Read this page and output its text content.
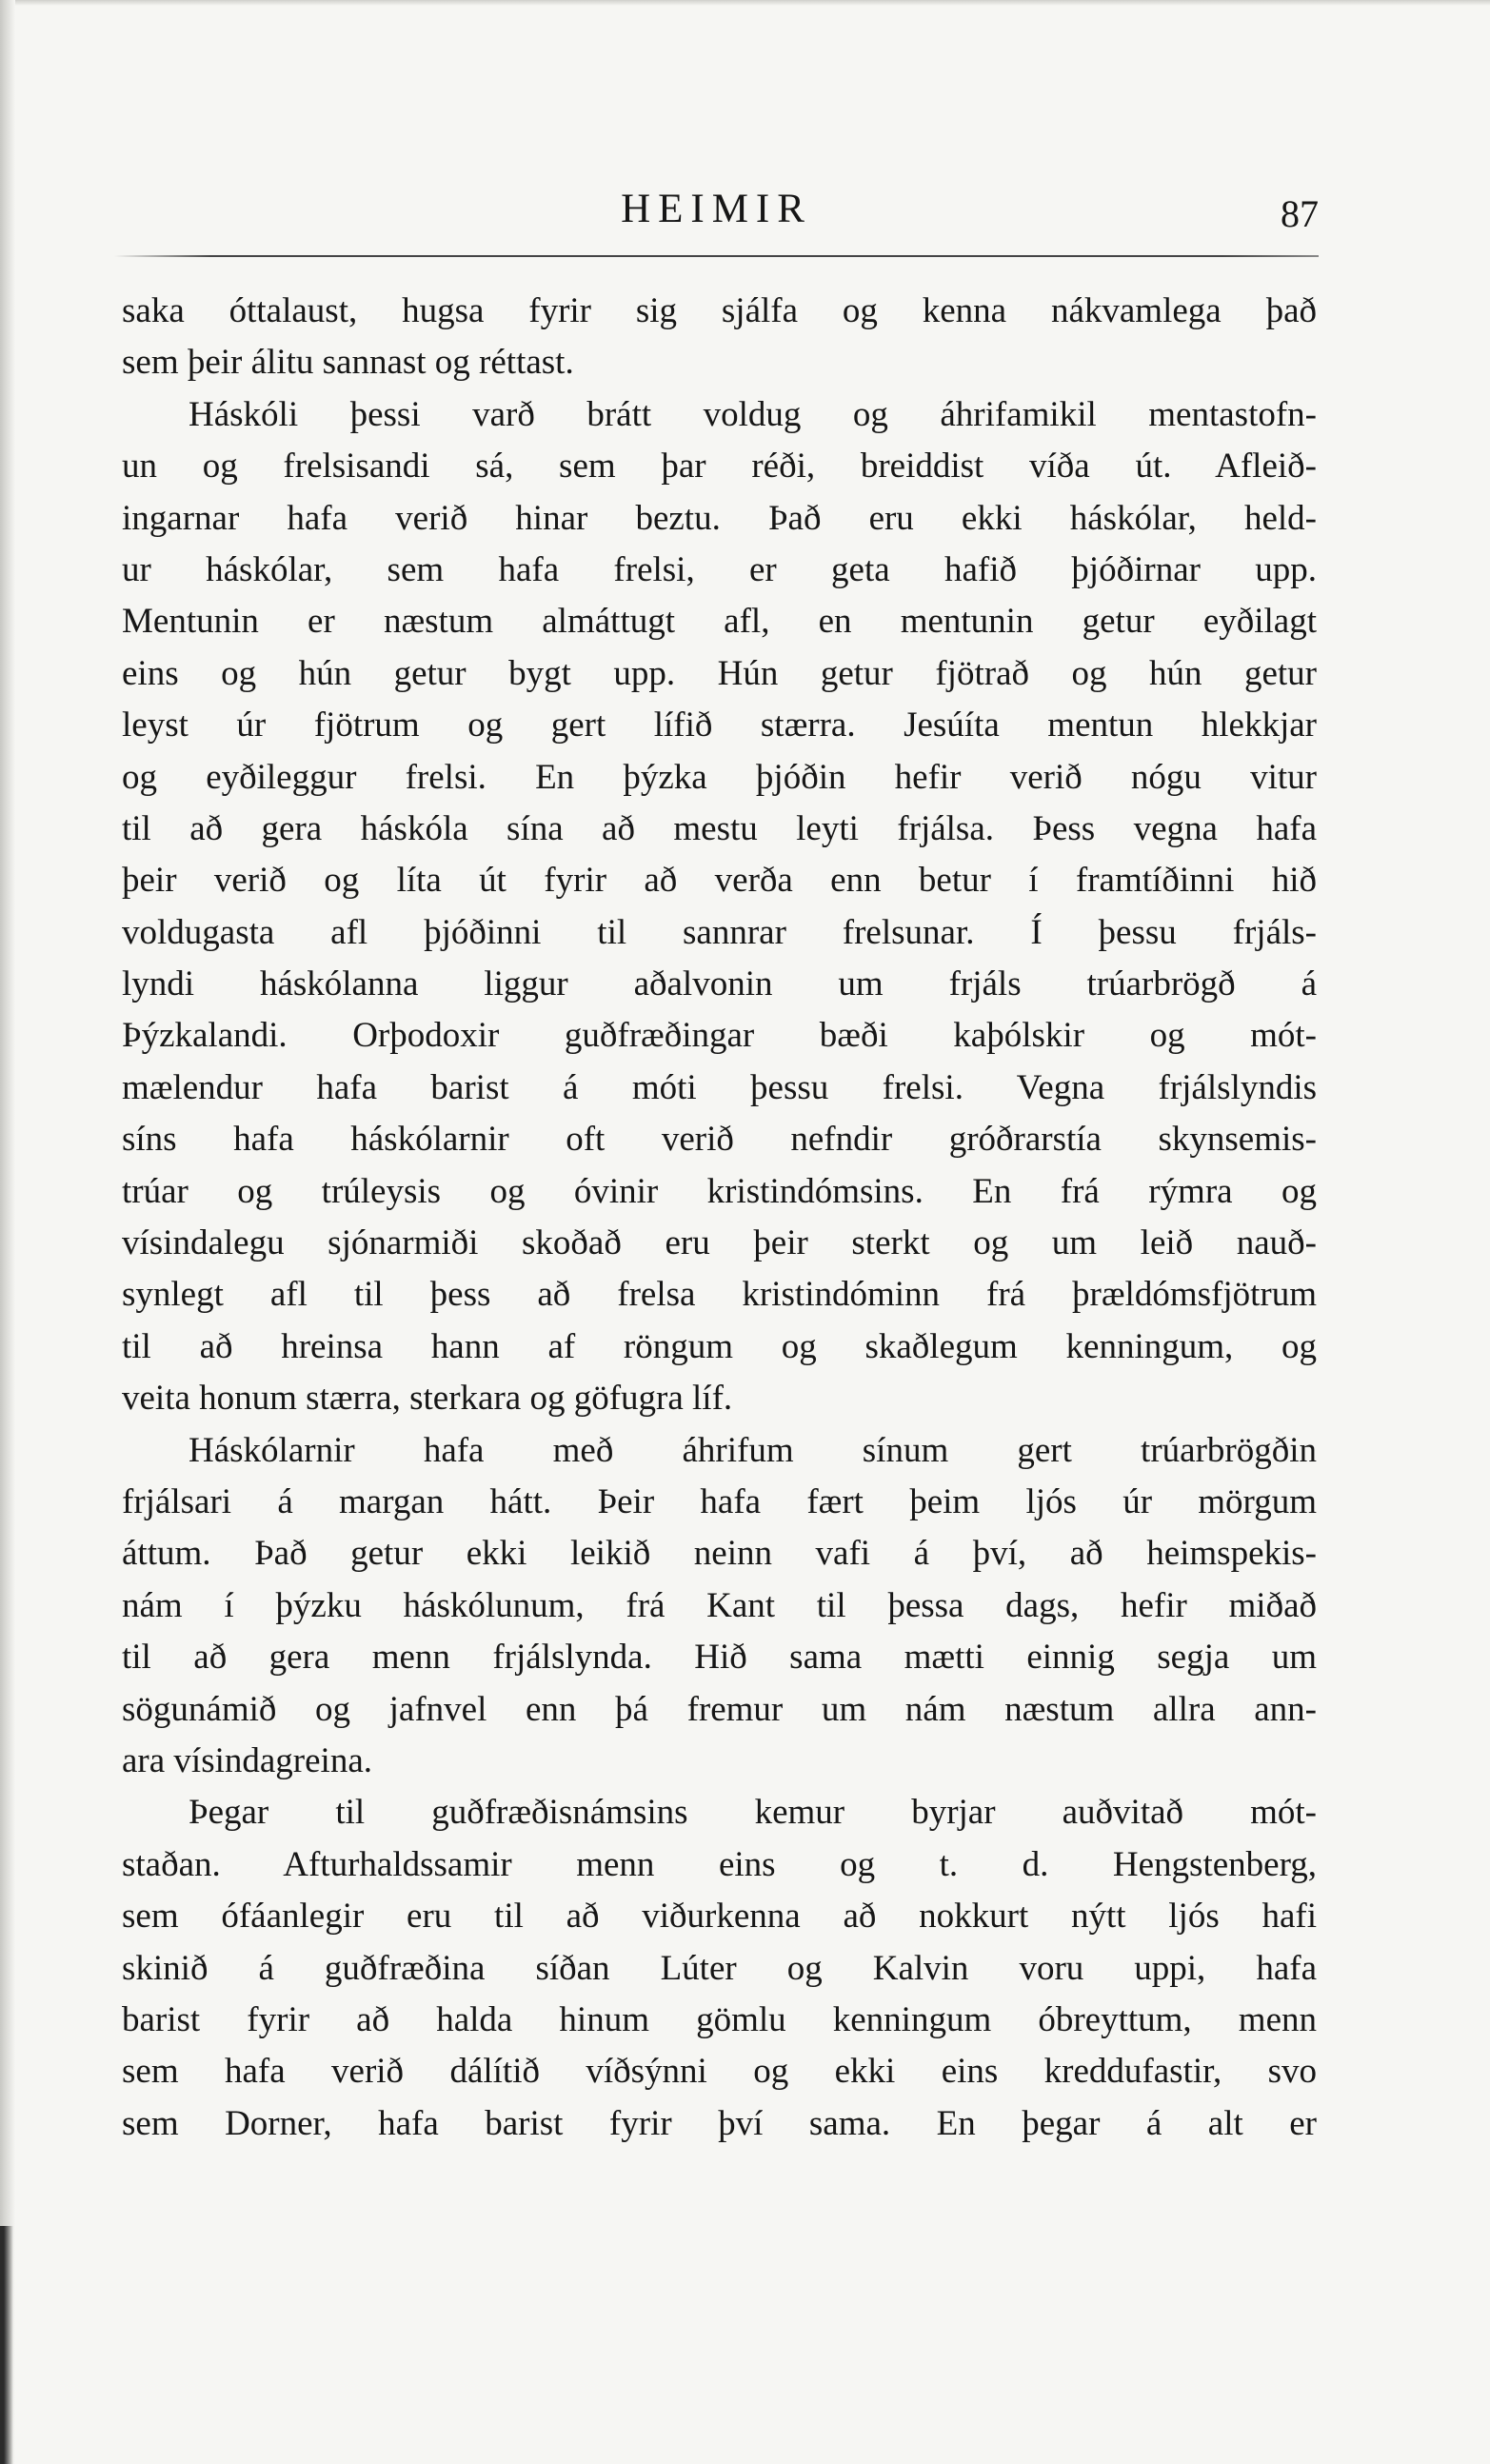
HEIMIR	87
saka óttalaust, hugsa fyrir sig sjálfa og kenna nákvamlega það
sem þeir álitu sannast og réttast.
Háskóli þessi varð brátt voldug og áhrifamikil mentastofn-
un og frelsisandi sá, sem þar réði, breiddist víða út. Afleið-
ingarnar hafa verið hinar beztu. Það eru ekki háskólar, held-
ur háskólar, sem hafa frelsi, er geta hafið þjóðirnar upp.
Mentunin er næstum almáttugt afl, en mentunin getur eyðilagt
eins og hún getur bygt upp. Hún getur fjötrað og hún getur
leyst úr fjötrum og gert lífið stærra. Jesúíta mentun hlekkjar
og eyðileggur frelsi. En þýzka þjóðin hefir verið nógu vitur
til að gera háskóla sína að mestu leyti frjálsa. Þess vegna hafa
þeir verið og líta út fyrir að verða enn betur í framtíðinni hið
voldugasta afl þjóðinni til sannrar frelsunar. Í þessu frjáls-
lyndi háskólanna liggur aðalvonin um frjáls trúarbrögð á
Þýzkalandi. Orþodoxir guðfræðingar bæði kaþólskir og mót-
mælendur hafa barist á móti þessu frelsi. Vegna frjálslyndis
síns hafa háskólarnir oft verið nefndir gróðrarstía skynsemis-
trúar og trúleysis og óvinir kristindómsins. En frá rýmra og
vísindalegu sjónarmiði skoðað eru þeir sterkt og um leið nauð-
synlegt afl til þess að frelsa kristindóminn frá þrældómsfjötrum
til að hreinsa hann af röngum og skaðlegum kenningum, og
veita honum stærra, sterkara og göfugra líf.
Háskólarnir hafa með áhrifum sínum gert trúarbrögðin
frjálsari á margan hátt. Þeir hafa fært þeim ljós úr mörgum
áttum. Það getur ekki leikið neinn vafi á því, að heimspekis-
nám í þýzku háskólunum, frá Kant til þessa dags, hefir miðað
til að gera menn frjálslynda. Hið sama mætti einnig segja um
sögunámið og jafnvel enn þá fremur um nám næstum allra ann-
ara vísindagreina.
Þegar til guðfræðisnámsins kemur byrjar auðvitað mót-
staðan. Afturhaldssamir menn eins og t. d. Hengstenberg,
sem ófáanlegir eru til að viðurkenna að nokkurt nýtt ljós hafi
skinið á guðfræðina síðan Lúter og Kalvin voru uppi, hafa
barist fyrir að halda hinum gömlu kenningum óbreyttum, menn
sem hafa verið dálítið víðsýnni og ekki eins kreddufastir, svo
sem Dorner, hafa barist fyrir því sama. En þegar á alt er
